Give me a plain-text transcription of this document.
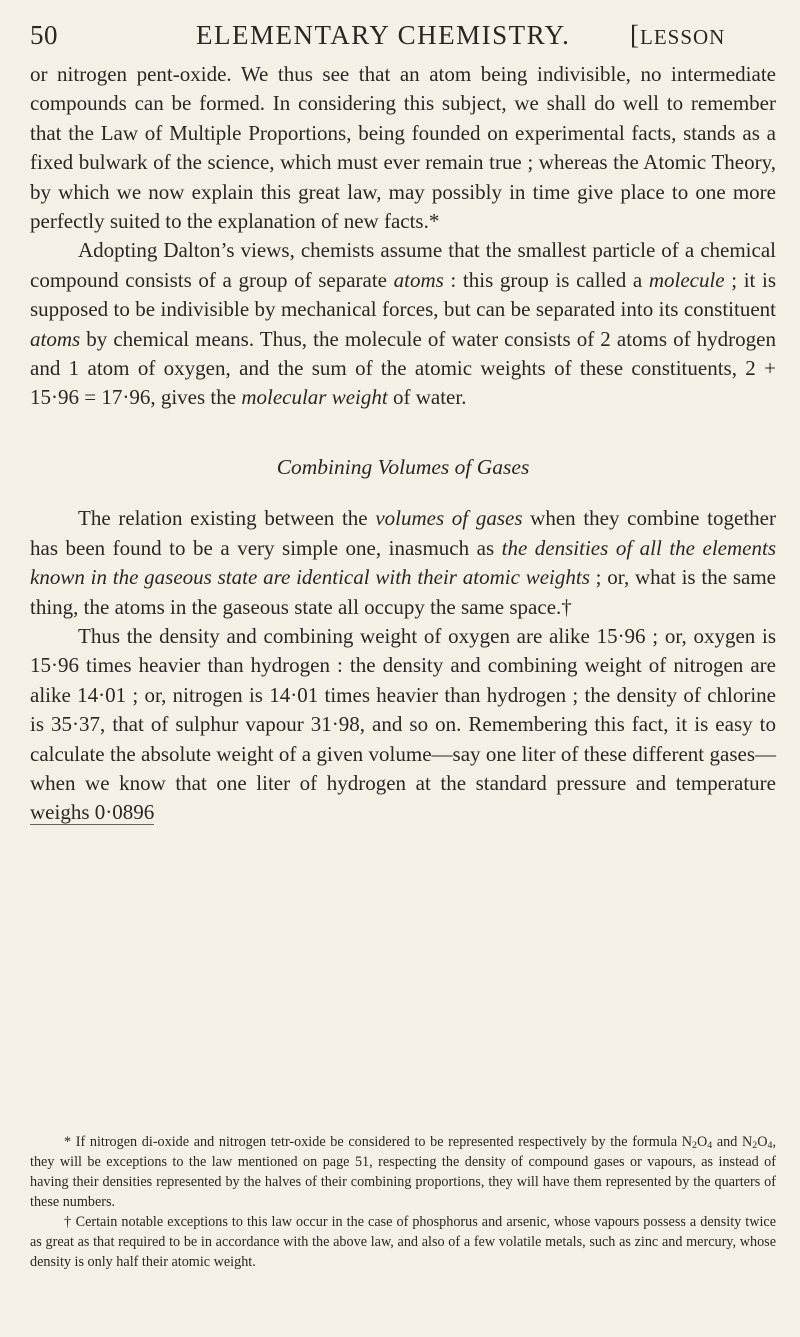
50	ELEMENTARY CHEMISTRY. [LESSON

or nitrogen pent-oxide. We thus see that an atom being indivisible, no intermediate compounds can be formed. In considering this subject, we shall do well to remember that the Law of Multiple Proportions, being founded on experimental facts, stands as a fixed bulwark of the science, which must ever remain true ; whereas the Atomic Theory, by which we now explain this great law, may possibly in time give place to one more perfectly suited to the explanation of new facts.*

Adopting Dalton’s views, chemists assume that the smallest particle of a chemical compound consists of a group of separate atoms : this group is called a molecule ; it is supposed to be indivisible by mechanical forces, but can be separated into its constituent atoms by chemical means. Thus, the molecule of water consists of 2 atoms of hydrogen and 1 atom of oxygen, and the sum of the atomic weights of these constituents, 2 + 15·96 = 17·96, gives the molecular weight of water.

Combining Volumes of Gases

The relation existing between the volumes of gases when they combine together has been found to be a very simple one, inasmuch as the densities of all the elements known in the gaseous state are identical with their atomic weights ; or, what is the same thing, the atoms in the gaseous state all occupy the same space.†

Thus the density and combining weight of oxygen are alike 15·96 ; or, oxygen is 15·96 times heavier than hydrogen : the density and combining weight of nitrogen are alike 14·01 ; or, nitrogen is 14·01 times heavier than hydrogen ; the density of chlorine is 35·37, that of sulphur vapour 31·98, and so on. Remembering this fact, it is easy to calculate the absolute weight of a given volume—say one liter of these different gases—when we know that one liter of hydrogen at the standard pressure and temperature weighs 0·0896

* If nitrogen di-oxide and nitrogen tetr-oxide be considered to be represented respectively by the formula $N_2O_4$ and $N_2O_4$, they will be exceptions to the law mentioned on page 51, respecting the density of compound gases or vapours, as instead of having their densities represented by the halves of their combining proportions, they will have them represented by the quarters of these numbers.

† Certain notable exceptions to this law occur in the case of phosphorus and arsenic, whose vapours possess a density twice as great as that required to be in accordance with the above law, and also of a few volatile metals, such as zinc and mercury, whose density is only half their atomic weight.
